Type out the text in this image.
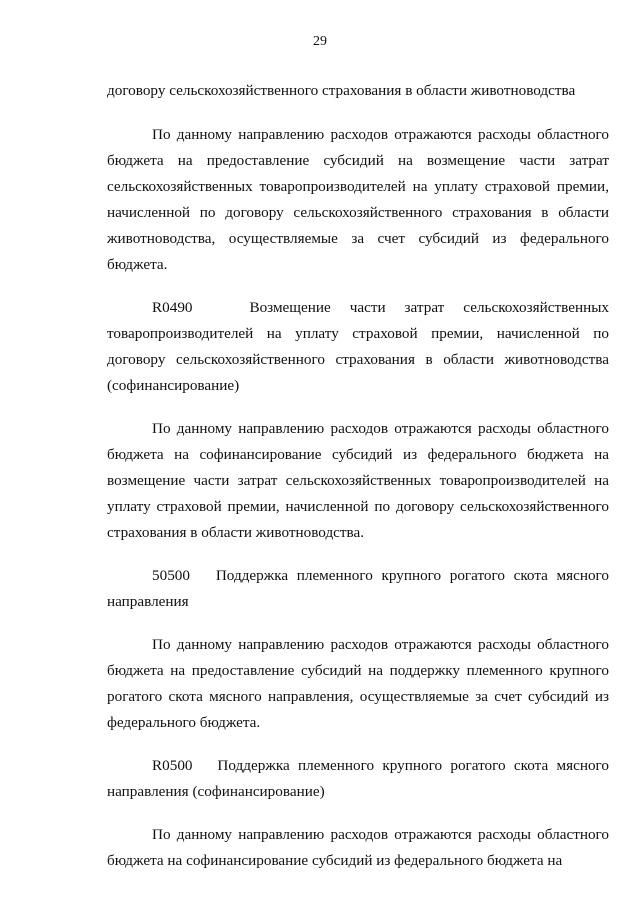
29

договору сельскохозяйственного страхования в области животноводства

По данному направлению расходов отражаются расходы областного бюджета на предоставление субсидий на возмещение части затрат сельскохозяйственных товаропроизводителей на уплату страховой премии, начисленной по договору сельскохозяйственного страхования в области животноводства, осуществляемые за счет субсидий из федерального бюджета.

R0490   Возмещение части затрат сельскохозяйственных товаропроизводителей на уплату страховой премии, начисленной по договору сельскохозяйственного страхования в области животноводства (софинансирование)

По данному направлению расходов отражаются расходы областного бюджета на софинансирование субсидий из федерального бюджета на возмещение части затрат сельскохозяйственных товаропроизводителей на уплату страховой премии, начисленной по договору сельскохозяйственного страхования в области животноводства.

50500   Поддержка племенного крупного рогатого скота мясного направления

По данному направлению расходов отражаются расходы областного бюджета на предоставление субсидий на поддержку племенного крупного рогатого скота мясного направления, осуществляемые за счет субсидий из федерального бюджета.

R0500   Поддержка племенного крупного рогатого скота мясного направления (софинансирование)

По данному направлению расходов отражаются расходы областного бюджета на софинансирование субсидий из федерального бюджета на
